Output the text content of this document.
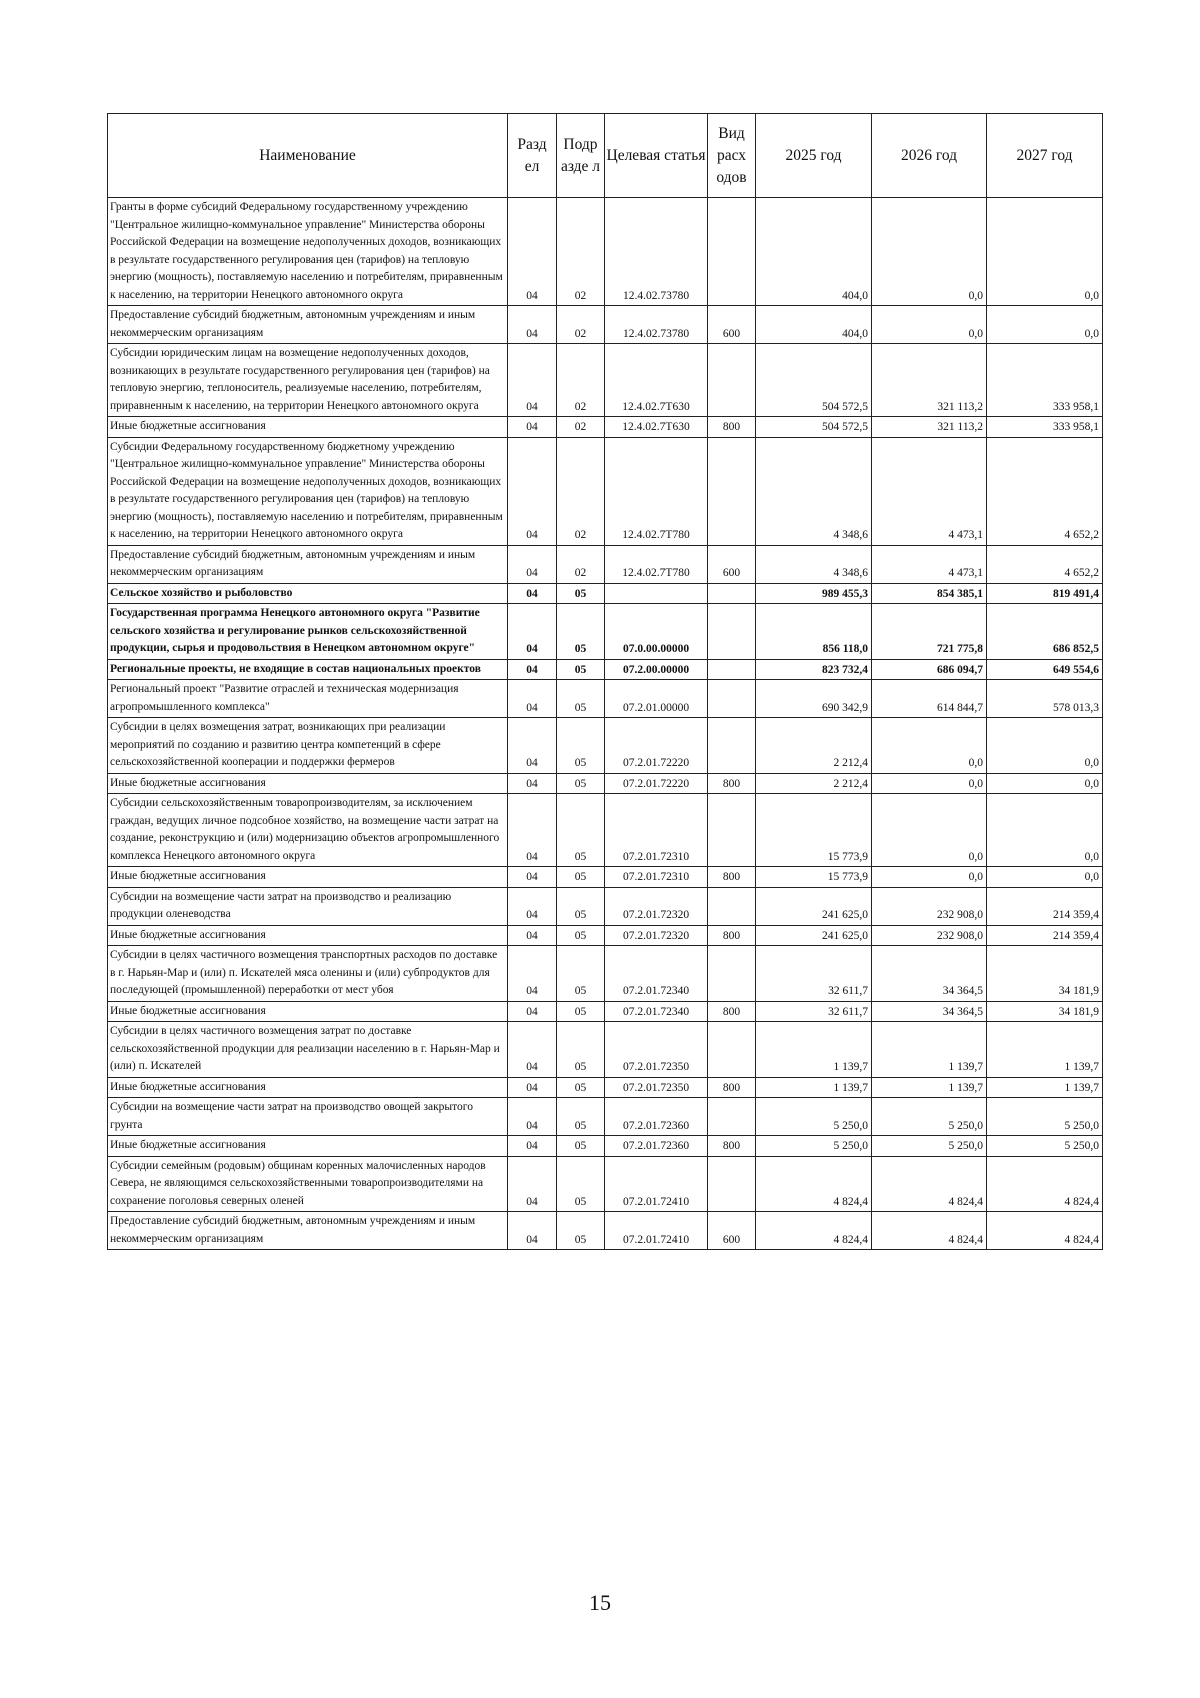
Наименование	Разд ел	Подр азде л	Целевая статья	Вид расх одов	2025 год	2026 год	2027 год
Гранты в форме субсидий Федеральному государственному учреждению "Центральное жилищно-коммунальное управление" Министерства обороны Российской Федерации на возмещение недополученных доходов, возникающих в результате государственного регулирования цен (тарифов) на тепловую энергию (мощность), поставляемую населению и потребителям, приравненным к населению, на территории Ненецкого автономного округа	04	02	12.4.02.73780		404,0	0,0	0,0
Предоставление субсидий бюджетным, автономным учреждениям и иным некоммерческим организациям	04	02	12.4.02.73780	600	404,0	0,0	0,0
Субсидии юридическим лицам на возмещение недополученных доходов, возникающих в результате государственного регулирования цен (тарифов) на тепловую энергию, теплоноситель, реализуемые населению, потребителям, приравненным к населению, на территории Ненецкого автономного округа	04	02	12.4.02.7Т630		504 572,5	321 113,2	333 958,1
Иные бюджетные ассигнования	04	02	12.4.02.7Т630	800	504 572,5	321 113,2	333 958,1
Субсидии Федеральному государственному бюджетному учреждению "Центральное жилищно-коммунальное управление" Министерства обороны Российской Федерации на возмещение недополученных доходов, возникающих в результате государственного регулирования цен (тарифов) на тепловую энергию (мощность), поставляемую населению и потребителям, приравненным к населению, на территории Ненецкого автономного округа	04	02	12.4.02.7Т780		4 348,6	4 473,1	4 652,2
Предоставление субсидий бюджетным, автономным учреждениям и иным некоммерческим организациям	04	02	12.4.02.7Т780	600	4 348,6	4 473,1	4 652,2
Сельское хозяйство и рыболовство	04	05			989 455,3	854 385,1	819 491,4
Государственная программа Ненецкого автономного округа "Развитие сельского хозяйства и регулирование рынков сельскохозяйственной продукции, сырья и продовольствия в Ненецком автономном округе"	04	05	07.0.00.00000		856 118,0	721 775,8	686 852,5
Региональные проекты, не входящие в состав национальных проектов	04	05	07.2.00.00000		823 732,4	686 094,7	649 554,6
Региональный проект "Развитие отраслей и техническая модернизация агропромышленного комплекса"	04	05	07.2.01.00000		690 342,9	614 844,7	578 013,3
Субсидии в целях возмещения затрат, возникающих при реализации мероприятий по созданию и развитию центра компетенций в сфере сельскохозяйственной кооперации и поддержки фермеров	04	05	07.2.01.72220		2 212,4	0,0	0,0
Иные бюджетные ассигнования	04	05	07.2.01.72220	800	2 212,4	0,0	0,0
Субсидии сельскохозяйственным товаропроизводителям, за исключением граждан, ведущих личное подсобное хозяйство, на возмещение части затрат на создание, реконструкцию и (или) модернизацию объектов агропромышленного комплекса Ненецкого автономного округа	04	05	07.2.01.72310		15 773,9	0,0	0,0
Иные бюджетные ассигнования	04	05	07.2.01.72310	800	15 773,9	0,0	0,0
Субсидии на возмещение части затрат на производство и реализацию продукции оленеводства	04	05	07.2.01.72320		241 625,0	232 908,0	214 359,4
Иные бюджетные ассигнования	04	05	07.2.01.72320	800	241 625,0	232 908,0	214 359,4
Субсидии в целях частичного возмещения транспортных расходов по доставке в г. Нарьян-Мар и (или) п. Искателей мяса оленины и (или) субпродуктов для последующей (промышленной) переработки от мест убоя	04	05	07.2.01.72340		32 611,7	34 364,5	34 181,9
Иные бюджетные ассигнования	04	05	07.2.01.72340	800	32 611,7	34 364,5	34 181,9
Субсидии в целях частичного возмещения затрат по доставке сельскохозяйственной продукции для реализации населению в г. Нарьян-Мар и (или) п. Искателей	04	05	07.2.01.72350		1 139,7	1 139,7	1 139,7
Иные бюджетные ассигнования	04	05	07.2.01.72350	800	1 139,7	1 139,7	1 139,7
Субсидии на возмещение части затрат на производство овощей закрытого грунта	04	05	07.2.01.72360		5 250,0	5 250,0	5 250,0
Иные бюджетные ассигнования	04	05	07.2.01.72360	800	5 250,0	5 250,0	5 250,0
Субсидии семейным (родовым) общинам коренных малочисленных народов Севера, не являющимся сельскохозяйственными товаропроизводителями на сохранение поголовья северных оленей	04	05	07.2.01.72410		4 824,4	4 824,4	4 824,4
Предоставление субсидий бюджетным, автономным учреждениям и иным некоммерческим организациям	04	05	07.2.01.72410	600	4 824,4	4 824,4	4 824,4
15
